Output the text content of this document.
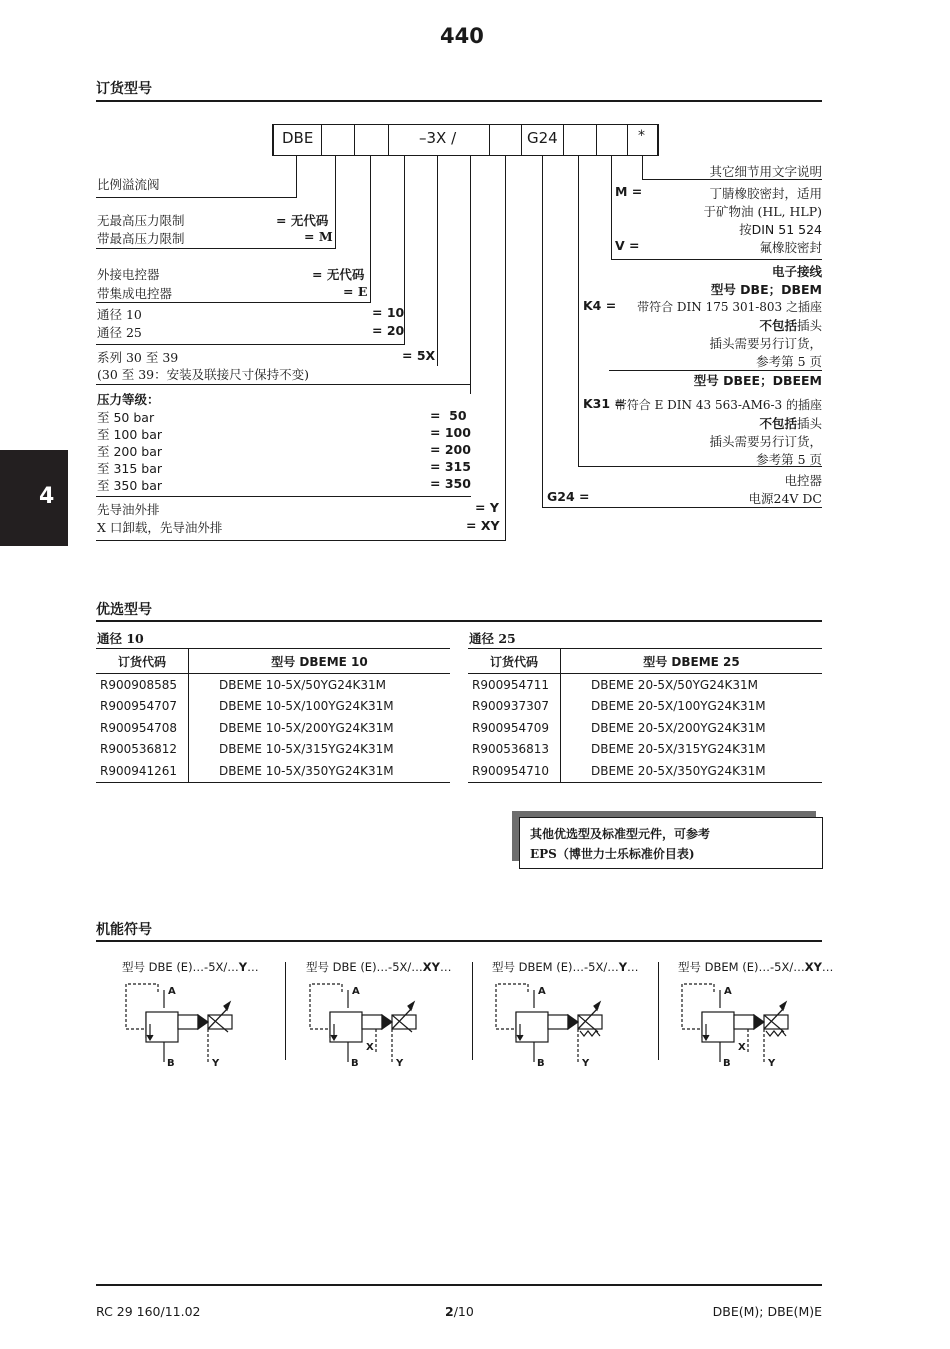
440
4
订货型号
DBE	–3X /	G24	*
比例溢流阀
无最高压力限制	= 无代码
带最高压力限制	= M
外接电控器	= 无代码
带集成电控器	= E
通径 10	= 10
通径 25	= 20
系列 30 至 39	= 5X
(30 至 39：安装及联接尺寸保持不变)
压力等级：
至 50 bar	=  50
至 100 bar	= 100
至 200 bar	= 200
至 315 bar	= 315
至 350 bar	= 350
先导油外排	= Y
X 口卸载，先导油外排	= XY
其它细节用文字说明
M =	丁腈橡胶密封，适用
于矿物油 (HL, HLP)
按DIN 51 524
V =	氟橡胶密封
电子接线
型号 DBE；DBEM
K4 = 带符合 DIN 175 301-803 之插座
不包括插头
插头需要另行订货，
参考第 5 页
型号 DBEE；DBEEM
K31 =
带符合 E DIN 43 563-AM6-3 的插座
不包括插头
插头需要另行订货，
参考第 5 页
电控器
G24 =	电源24V DC
优选型号
通径 10
订货代码	型号 DBEME 10
R900908585	DBEME 10-5X/50YG24K31M
R900954707	DBEME 10-5X/100YG24K31M
R900954708	DBEME 10-5X/200YG24K31M
R900536812	DBEME 10-5X/315YG24K31M
R900941261	DBEME 10-5X/350YG24K31M
通径 25
订货代码	型号 DBEME 25
R900954711	DBEME 20-5X/50YG24K31M
R900937307	DBEME 20-5X/100YG24K31M
R900954709	DBEME 20-5X/200YG24K31M
R900536813	DBEME 20-5X/315YG24K31M
R900954710	DBEME 20-5X/350YG24K31M
其他优选型及标准型元件，可参考
EPS（博世力士乐标准价目表)
机能符号
型号 DBE (E)…-5X/…Y…
A
B	Y
型号 DBE (E)…-5X/…XY…
A
B
X
Y
型号 DBEM (E)…-5X/…Y…
A
B	Y
型号 DBEM (E)…-5X/…XY…
A
B
X
Y
RC 29 160/11.02	2/10	DBE(M); DBE(M)E
